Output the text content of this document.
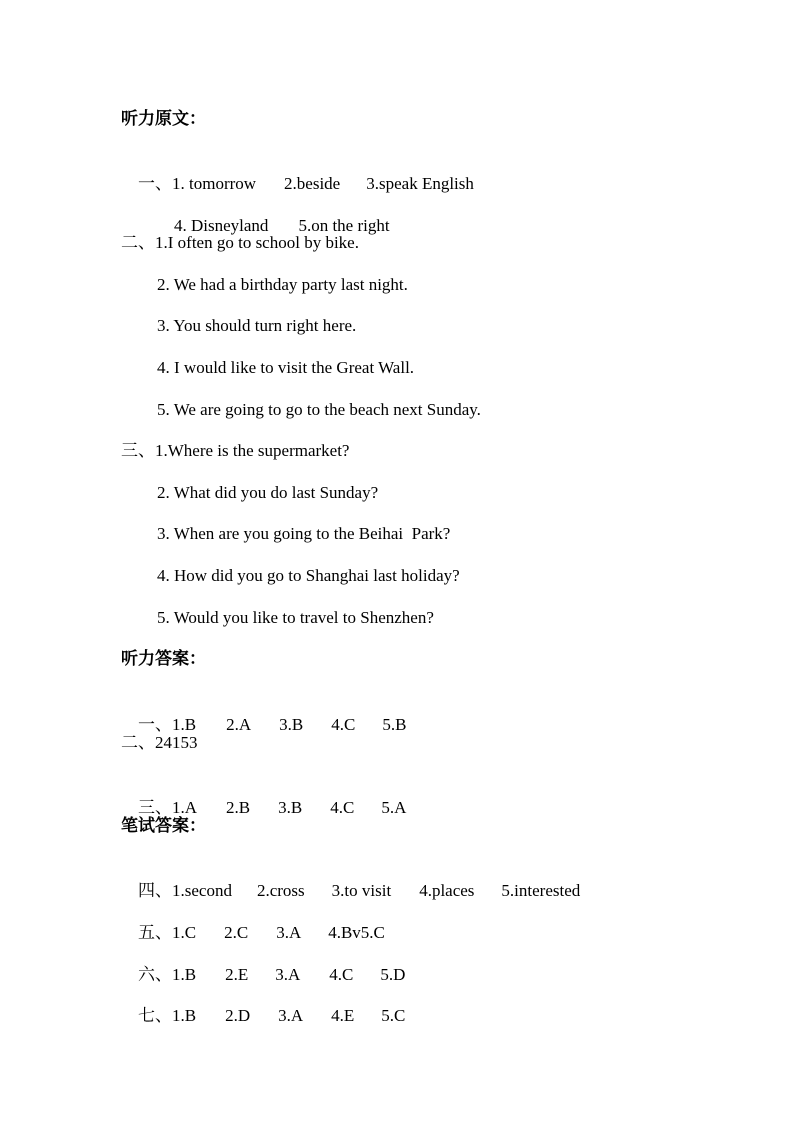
听力原文：

一、1. tomorrow 2.beside 3.speak English

4. Disneyland 5.on the right

二、1.I often go to school by bike.
2. We had a birthday party last night.
3. You should turn right here.
4. I would like to visit the Great Wall.
5. We are going to go to the beach next Sunday.
三、1.Where is the supermarket?
2. What did you do last Sunday?
3. When are you going to the Beihai  Park?
4. How did you go to Shanghai last holiday?
5. Would you like to travel to Shenzhen?
听力答案：

一、1.B 2.A 3.B 4.C 5.B

二、24153

三、1.A 2.B 3.B 4.C 5.A

笔试答案：

四、1.second 2.cross 3.to visit 4.places 5.interested

五、1.C 2.C 3.A 4.Bv5.C

六、1.B 2.E 3.A 4.C 5.D

七、1.B 2.D 3.A 4.E 5.C
